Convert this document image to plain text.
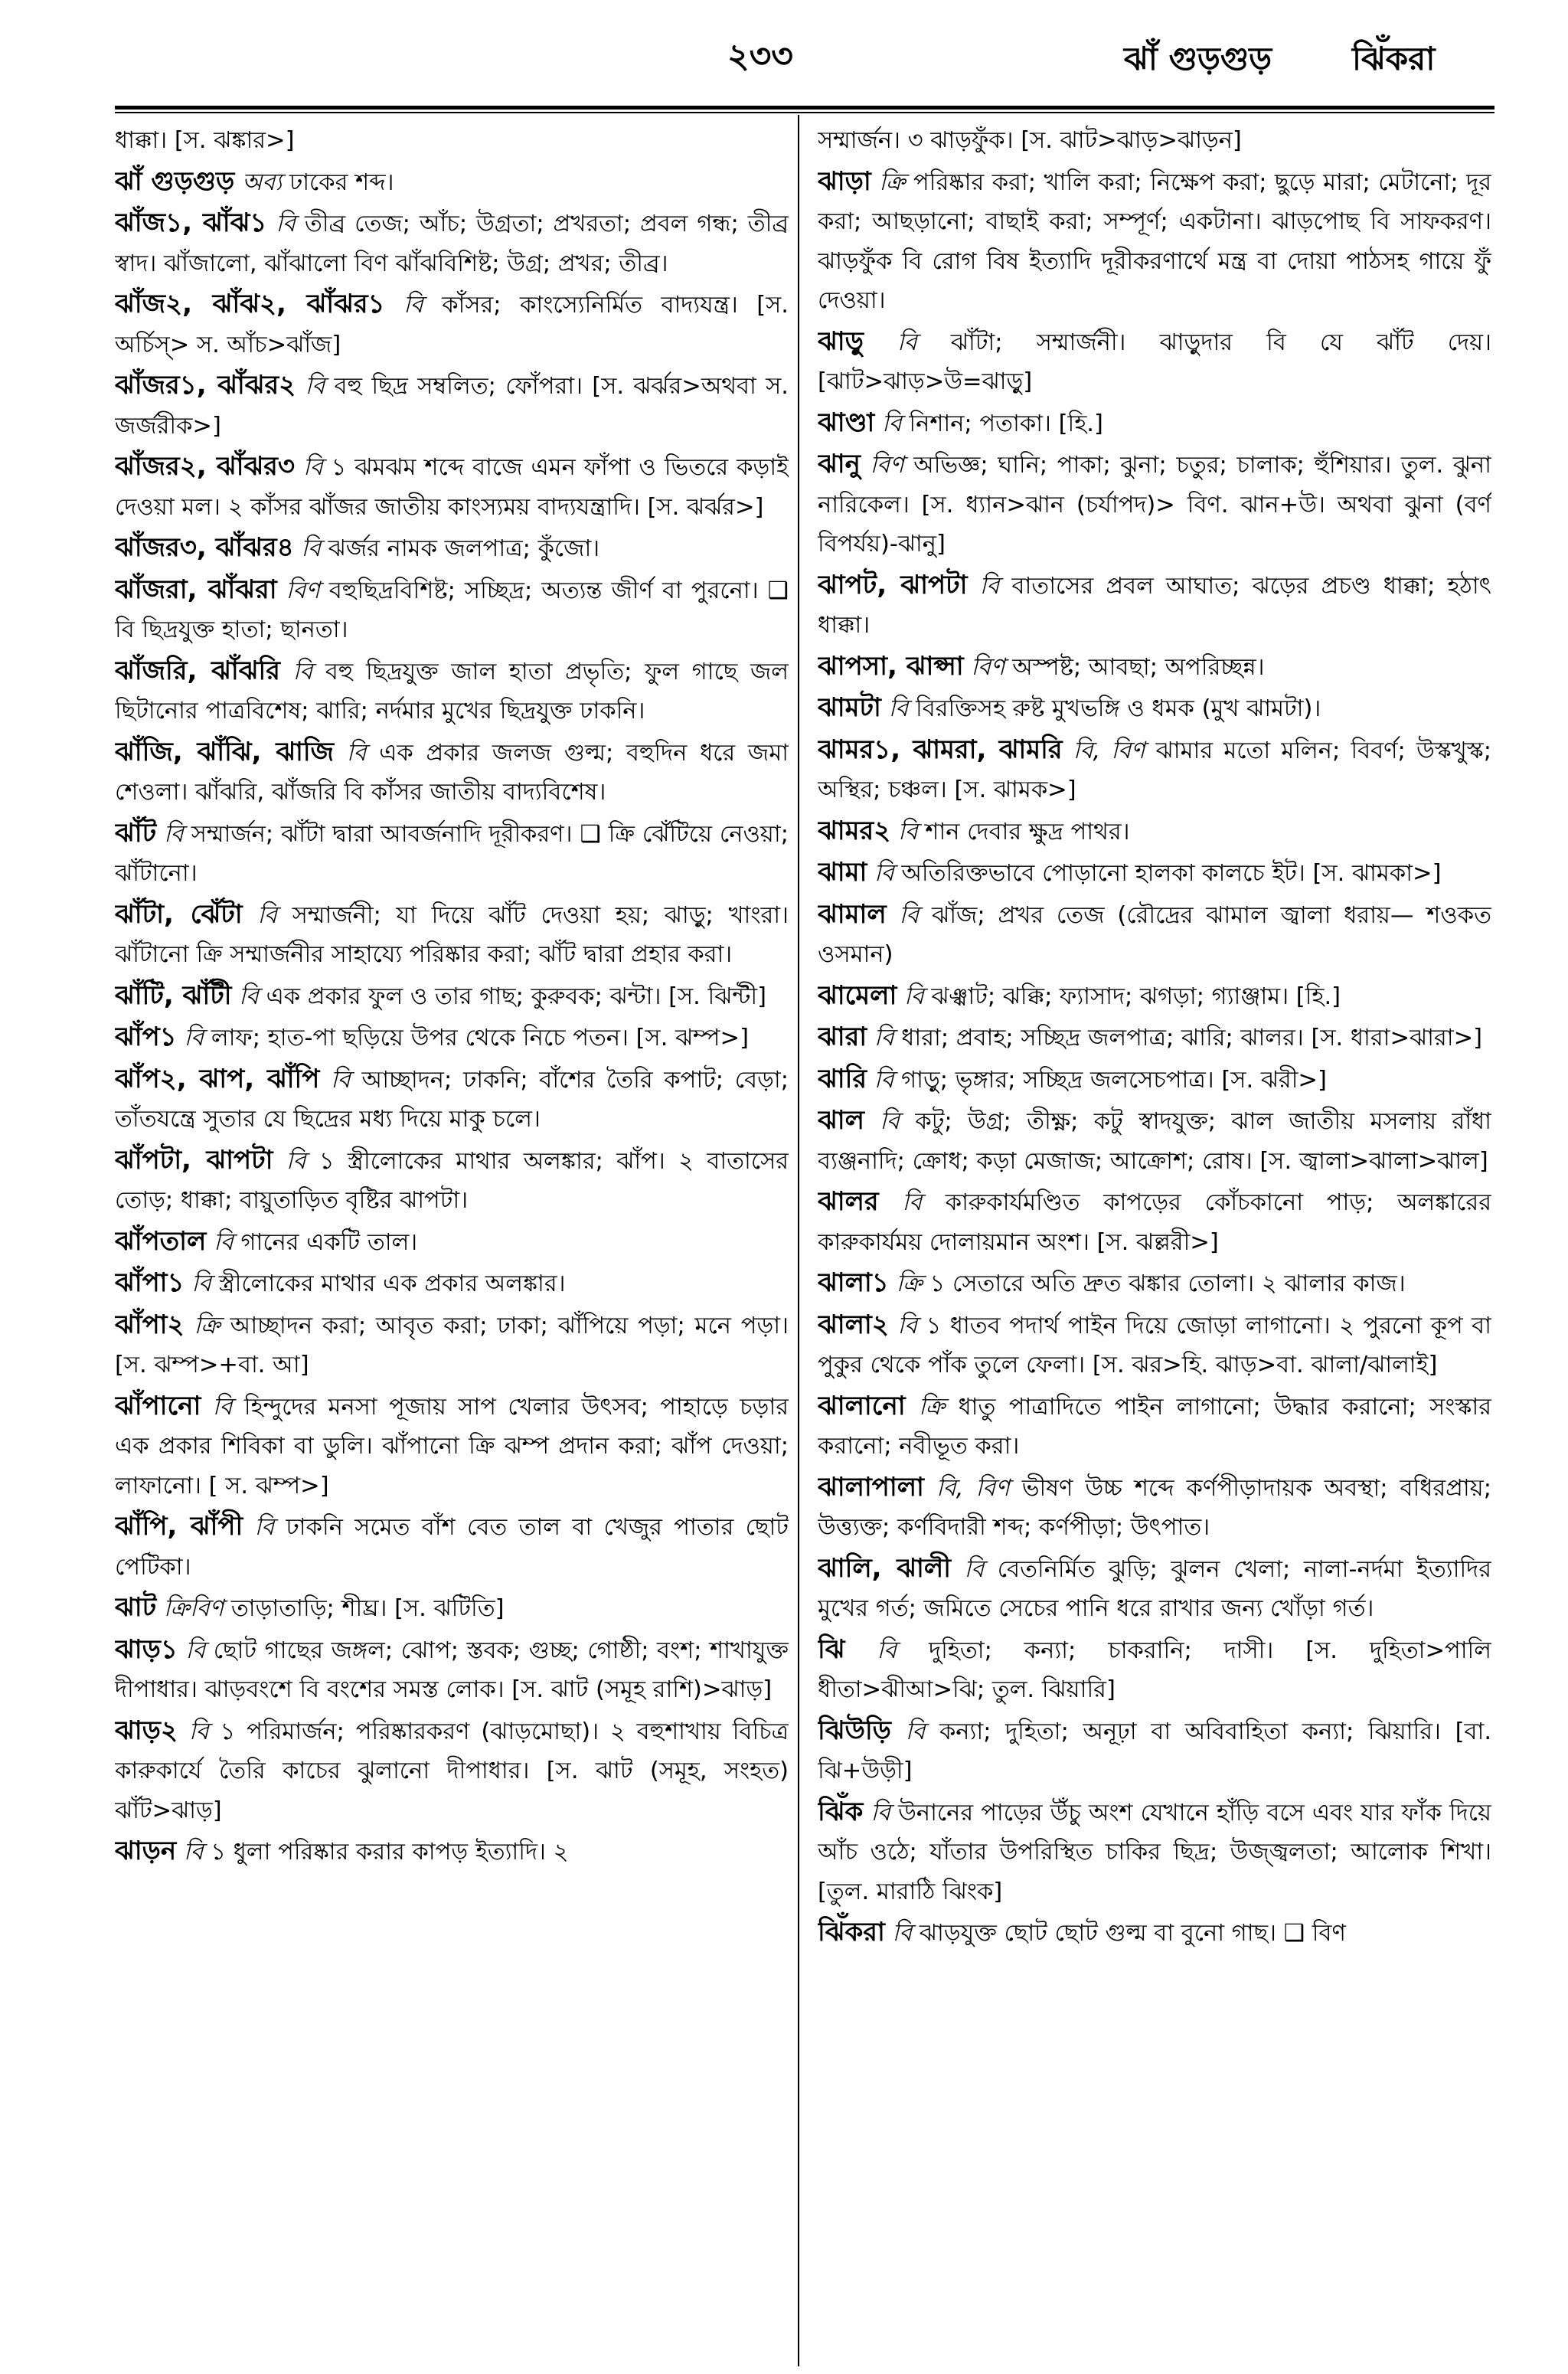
২৩৩	ঝাঁ গুড়গুড় ঝিঁকরা
ধাক্কা। [স. ঝঙ্কার>]
ঝাঁ গুড়গুড় অব্য ঢাকের শব্দ।
ঝাঁজ১, ঝাঁঝ১ বি তীব্র তেজ; আঁচ; উগ্রতা; প্রখরতা; প্রবল গন্ধ; তীব্র স্বাদ। ঝাঁজালো, ঝাঁঝালো বিণ ঝাঁঝবিশিষ্ট; উগ্র; প্রখর; তীব্র।
ঝাঁজ২, ঝাঁঝ২, ঝাঁঝর১ বি কাঁসর; কাংস্যেনির্মিত বাদ্যযন্ত্র। [স. অর্চিস্> স. আঁচ>ঝাঁজ]
ঝাঁজর১, ঝাঁঝর২ বি বহু ছিদ্র সম্বলিত; ফোঁপরা। [স. ঝর্ঝর>অথবা স. জর্জরীক>]
ঝাঁজর২, ঝাঁঝর৩ বি ১ ঝমঝম শব্দে বাজে এমন ফাঁপা ও ভিতরে কড়াই দেওয়া মল। ২ কাঁসর ঝাঁজর জাতীয় কাংস্যময় বাদ্যযন্ত্রাদি। [স. ঝর্ঝর>]
ঝাঁজর৩, ঝাঁঝর৪ বি ঝর্জর নামক জলপাত্র; কুঁজো।
ঝাঁজরা, ঝাঁঝরা বিণ বহুছিদ্রবিশিষ্ট; সচ্ছিদ্র; অত্যন্ত জীর্ণ বা পুরনো। ❑ বি ছিদ্রযুক্ত হাতা; ছানতা।
ঝাঁজরি, ঝাঁঝরি বি বহু ছিদ্রযুক্ত জাল হাতা প্রভৃতি; ফুল গাছে জল ছিটানোর পাত্রবিশেষ; ঝারি; নর্দমার মুখের ছিদ্রযুক্ত ঢাকনি।
ঝাঁজি, ঝাঁঝি, ঝাজি বি এক প্রকার জলজ গুল্ম; বহুদিন ধরে জমা শেওলা। ঝাঁঝরি, ঝাঁজরি বি কাঁসর জাতীয় বাদ্যবিশেষ।
ঝাঁট বি সম্মার্জন; ঝাঁটা দ্বারা আবর্জনাদি দূরীকরণ। ❑ ক্রি ঝেঁটিয়ে নেওয়া; ঝাঁটানো।
ঝাঁটা, ঝেঁটা বি সম্মার্জনী; যা দিয়ে ঝাঁট দেওয়া হয়; ঝাড়ু; খাংরা। ঝাঁটানো ক্রি সম্মার্জনীর সাহায্যে পরিষ্কার করা; ঝাঁট দ্বারা প্রহার করা।
ঝাঁটি, ঝাঁটী বি এক প্রকার ফুল ও তার গাছ; কুরুবক; ঝন্টা। [স. ঝিন্টী]
ঝাঁপ১ বি লাফ; হাত-পা ছড়িয়ে উপর থেকে নিচে পতন। [স. ঝম্প>]
ঝাঁপ২, ঝাপ, ঝাঁপি বি আচ্ছাদন; ঢাকনি; বাঁশের তৈরি কপাট; বেড়া; তাঁতযন্ত্রে সুতার যে ছিদ্রের মধ্য দিয়ে মাকু চলে।
ঝাঁপটা, ঝাপটা বি ১ স্ত্রীলোকের মাথার অলঙ্কার; ঝাঁপ। ২ বাতাসের তোড়; ধাক্কা; বায়ুতাড়িত বৃষ্টির ঝাপটা।
ঝাঁপতাল বি গানের একটি তাল।
ঝাঁপা১ বি স্ত্রীলোকের মাথার এক প্রকার অলঙ্কার।
ঝাঁপা২ ক্রি আচ্ছাদন করা; আবৃত করা; ঢাকা; ঝাঁপিয়ে পড়া; মনে পড়া। [স. ঝম্প>+বা. আ]
ঝাঁপানো বি হিন্দুদের মনসা পূজায় সাপ খেলার উৎসব; পাহাড়ে চড়ার এক প্রকার শিবিকা বা ডুলি। ঝাঁপানো ক্রি ঝম্প প্রদান করা; ঝাঁপ দেওয়া; লাফানো। [ স. ঝম্প>]
ঝাঁপি, ঝাঁপী বি ঢাকনি সমেত বাঁশ বেত তাল বা খেজুর পাতার ছোট পেটিকা।
ঝাট ক্রিবিণ তাড়াতাড়ি; শীঘ্র। [স. ঝটিতি]
ঝাড়১ বি ছোট গাছের জঙ্গল; ঝোপ; স্তবক; গুচ্ছ; গোষ্ঠী; বংশ; শাখাযুক্ত দীপাধার। ঝাড়বংশে বি বংশের সমস্ত লোক। [স. ঝাট (সমূহ রাশি)>ঝাড়]
ঝাড়২ বি ১ পরিমার্জন; পরিষ্কারকরণ (ঝাড়মোছা)। ২ বহুশাখায় বিচিত্র কারুকার্যে তৈরি কাচের ঝুলানো দীপাধার। [স. ঝাট (সমূহ, সংহত) ঝাঁট>ঝাড়]
ঝাড়ন বি ১ ধুলা পরিষ্কার করার কাপড় ইত্যাদি। ২
সম্মার্জন। ৩ ঝাড়ফুঁক। [স. ঝাট>ঝাড়>ঝাড়ন]
ঝাড়া ক্রি পরিষ্কার করা; খালি করা; নিক্ষেপ করা; ছুড়ে মারা; মেটানো; দূর করা; আছড়ানো; বাছাই করা; সম্পূর্ণ; একটানা। ঝাড়পোছ বি সাফকরণ। ঝাড়ফুঁক বি রোগ বিষ ইত্যাদি দূরীকরণার্থে মন্ত্র বা দোয়া পাঠসহ গায়ে ফুঁ দেওয়া।
ঝাড়ু বি ঝাঁটা; সম্মার্জনী। ঝাড়ুদার বি যে ঝাঁট দেয়। [ঝাট>ঝাড়>উ=ঝাড়ু]
ঝাণ্ডা বি নিশান; পতাকা। [হি.]
ঝানু বিণ অভিজ্ঞ; ঘানি; পাকা; ঝুনা; চতুর; চালাক; হুঁশিয়ার। তুল. ঝুনা নারিকেল। [স. ধ্যান>ঝান (চর্যাপদ)> বিণ. ঝান+উ। অথবা ঝুনা (বর্ণ বিপর্যয়)-ঝানু]
ঝাপট, ঝাপটা বি বাতাসের প্রবল আঘাত; ঝড়ের প্রচণ্ড ধাক্কা; হঠাৎ ধাক্কা।
ঝাপসা, ঝাপ্সা বিণ অস্পষ্ট; আবছা; অপরিচ্ছন্ন।
ঝামটা বি বিরক্তিসহ রুষ্ট মুখভঙ্গি ও ধমক (মুখ ঝামটা)।
ঝামর১, ঝামরা, ঝামরি বি, বিণ ঝামার মতো মলিন; বিবর্ণ; উস্কখুস্ক; অস্থির; চঞ্চল। [স. ঝামক>]
ঝামর২ বি শান দেবার ক্ষুদ্র পাথর।
ঝামা বি অতিরিক্তভাবে পোড়ানো হালকা কালচে ইট। [স. ঝামকা>]
ঝামাল বি ঝাঁজ; প্রখর তেজ (রৌদ্রের ঝামাল জ্বালা ধরায়— শওকত ওসমান)
ঝামেলা বি ঝঞ্ঝাট; ঝক্কি; ফ্যাসাদ; ঝগড়া; গ্যাঞ্জাম। [হি.]
ঝারা বি ধারা; প্রবাহ; সচ্ছিদ্র জলপাত্র; ঝারি; ঝালর। [স. ধারা>ঝারা>]
ঝারি বি গাড়ু; ভৃঙ্গার; সচ্ছিদ্র জলসেচপাত্র। [স. ঝরী>]
ঝাল বি কটু; উগ্র; তীক্ষ্ণ; কটু স্বাদযুক্ত; ঝাল জাতীয় মসলায় রাঁধা ব্যঞ্জনাদি; ক্রোধ; কড়া মেজাজ; আক্রোশ; রোষ। [স. জ্বালা>ঝালা>ঝাল]
ঝালর বি কারুকার্যমণ্ডিত কাপড়ের কোঁচকানো পাড়; অলঙ্কারের কারুকার্যময় দোলায়মান অংশ। [স. ঝল্লরী>]
ঝালা১ ক্রি ১ সেতারে অতি দ্রুত ঝঙ্কার তোলা। ২ ঝালার কাজ।
ঝালা২ বি ১ ধাতব পদার্থ পাইন দিয়ে জোড়া লাগানো। ২ পুরনো কূপ বা পুকুর থেকে পাঁক তুলে ফেলা। [স. ঝর>হি. ঝাড়>বা. ঝালা/ঝালাই]
ঝালানো ক্রি ধাতু পাত্রাদিতে পাইন লাগানো; উদ্ধার করানো; সংস্কার করানো; নবীভূত করা।
ঝালাপালা বি, বিণ ভীষণ উচ্চ শব্দে কর্ণপীড়াদায়ক অবস্থা; বধিরপ্রায়; উত্ত্যক্ত; কর্ণবিদারী শব্দ; কর্ণপীড়া; উৎপাত।
ঝালি, ঝালী বি বেতনির্মিত ঝুড়ি; ঝুলন খেলা; নালা-নর্দমা ইত্যাদির মুখের গর্ত; জমিতে সেচের পানি ধরে রাখার জন্য খোঁড়া গর্ত।
ঝি বি দুহিতা; কন্যা; চাকরানি; দাসী। [স. দুহিতা>পালি ধীতা>ঝীআ>ঝি; তুল. ঝিয়ারি]
ঝিউড়ি বি কন্যা; দুহিতা; অনূঢ়া বা অবিবাহিতা কন্যা; ঝিয়ারি। [বা. ঝি+উড়ী]
ঝিঁক বি উনানের পাড়ের উঁচু অংশ যেখানে হাঁড়ি বসে এবং যার ফাঁক দিয়ে আঁচ ওঠে; যাঁতার উপরিস্থিত চাকির ছিদ্র; উজ্জ্বলতা; আলোক শিখা। [তুল. মারাঠি ঝিংক]
ঝিঁকরা বি ঝাড়যুক্ত ছোট ছোট গুল্ম বা বুনো গাছ। ❑ বিণ
